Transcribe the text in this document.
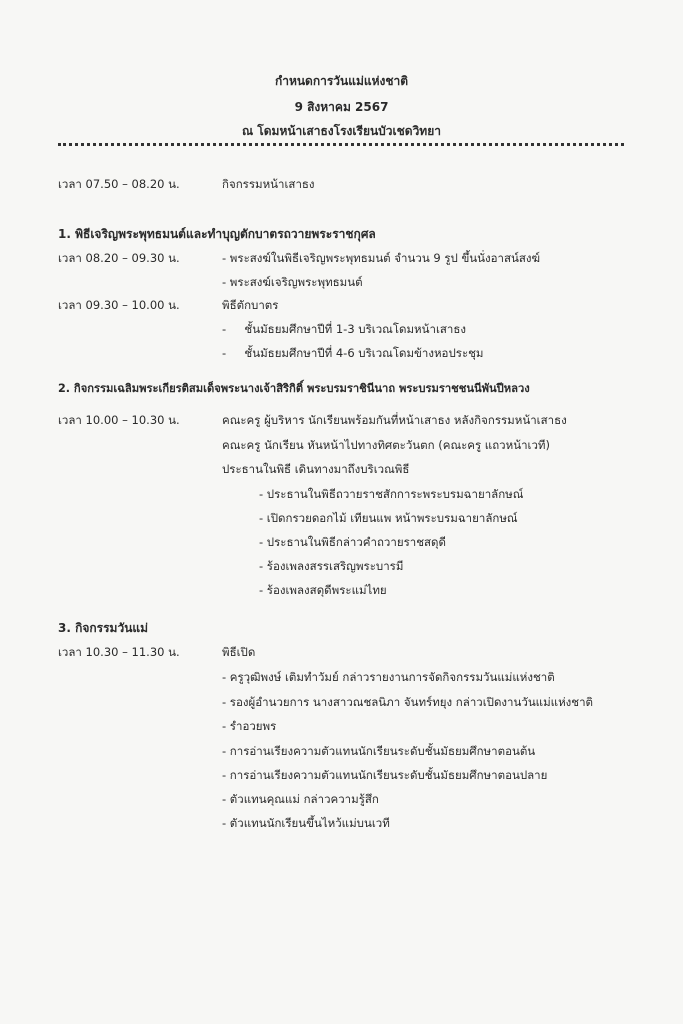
กำหนดการวันแม่แห่งชาติ
9 สิงหาคม 2567
ณ โดมหน้าเสาธงโรงเรียนบัวเชดวิทยา
เวลา 07.50 – 08.20 น.	กิจกรรมหน้าเสาธง
1. พิธีเจริญพระพุทธมนต์และทำบุญตักบาตรถวายพระราชกุศล
เวลา 08.20 – 09.30 น.	- พระสงฆ์ในพิธีเจริญพระพุทธมนต์ จำนวน 9 รูป ขึ้นนั่งอาสน์สงฆ์
- พระสงฆ์เจริญพระพุทธมนต์
เวลา 09.30 – 10.00 น.	พิธีตักบาตร
-     ชั้นมัธยมศึกษาปีที่ 1-3 บริเวณโดมหน้าเสาธง
-     ชั้นมัธยมศึกษาปีที่ 4-6 บริเวณโดมข้างหอประชุม
2. กิจกรรมเฉลิมพระเกียรติสมเด็จพระนางเจ้าสิริกิติ์ พระบรมราชินีนาถ พระบรมราชชนนีพันปีหลวง
เวลา 10.00 – 10.30 น.	คณะครู ผู้บริหาร นักเรียนพร้อมกันที่หน้าเสาธง หลังกิจกรรมหน้าเสาธง
คณะครู นักเรียน หันหน้าไปทางทิศตะวันตก (คณะครู แถวหน้าเวที)
ประธานในพิธี เดินทางมาถึงบริเวณพิธี
- ประธานในพิธีถวายราชสักการะพระบรมฉายาลักษณ์
- เปิดกรวยดอกไม้ เทียนแพ หน้าพระบรมฉายาลักษณ์
- ประธานในพิธีกล่าวคำถวายราชสดุดี
- ร้องเพลงสรรเสริญพระบารมี
- ร้องเพลงสดุดีพระแม่ไทย
3. กิจกรรมวันแม่
เวลา 10.30 – 11.30 น.	พิธีเปิด
- ครูวุฒิพงษ์ เติมทำวัมย์ กล่าวรายงานการจัดกิจกรรมวันแม่แห่งชาติ
- รองผู้อำนวยการ นางสาวณชลนิภา จันทร์ทยุง กล่าวเปิดงานวันแม่แห่งชาติ
- รำอวยพร
- การอ่านเรียงความตัวแทนนักเรียนระดับชั้นมัธยมศึกษาตอนต้น
- การอ่านเรียงความตัวแทนนักเรียนระดับชั้นมัธยมศึกษาตอนปลาย
- ตัวแทนคุณแม่ กล่าวความรู้สึก
- ตัวแทนนักเรียนขึ้นไหว้แม่บนเวที
